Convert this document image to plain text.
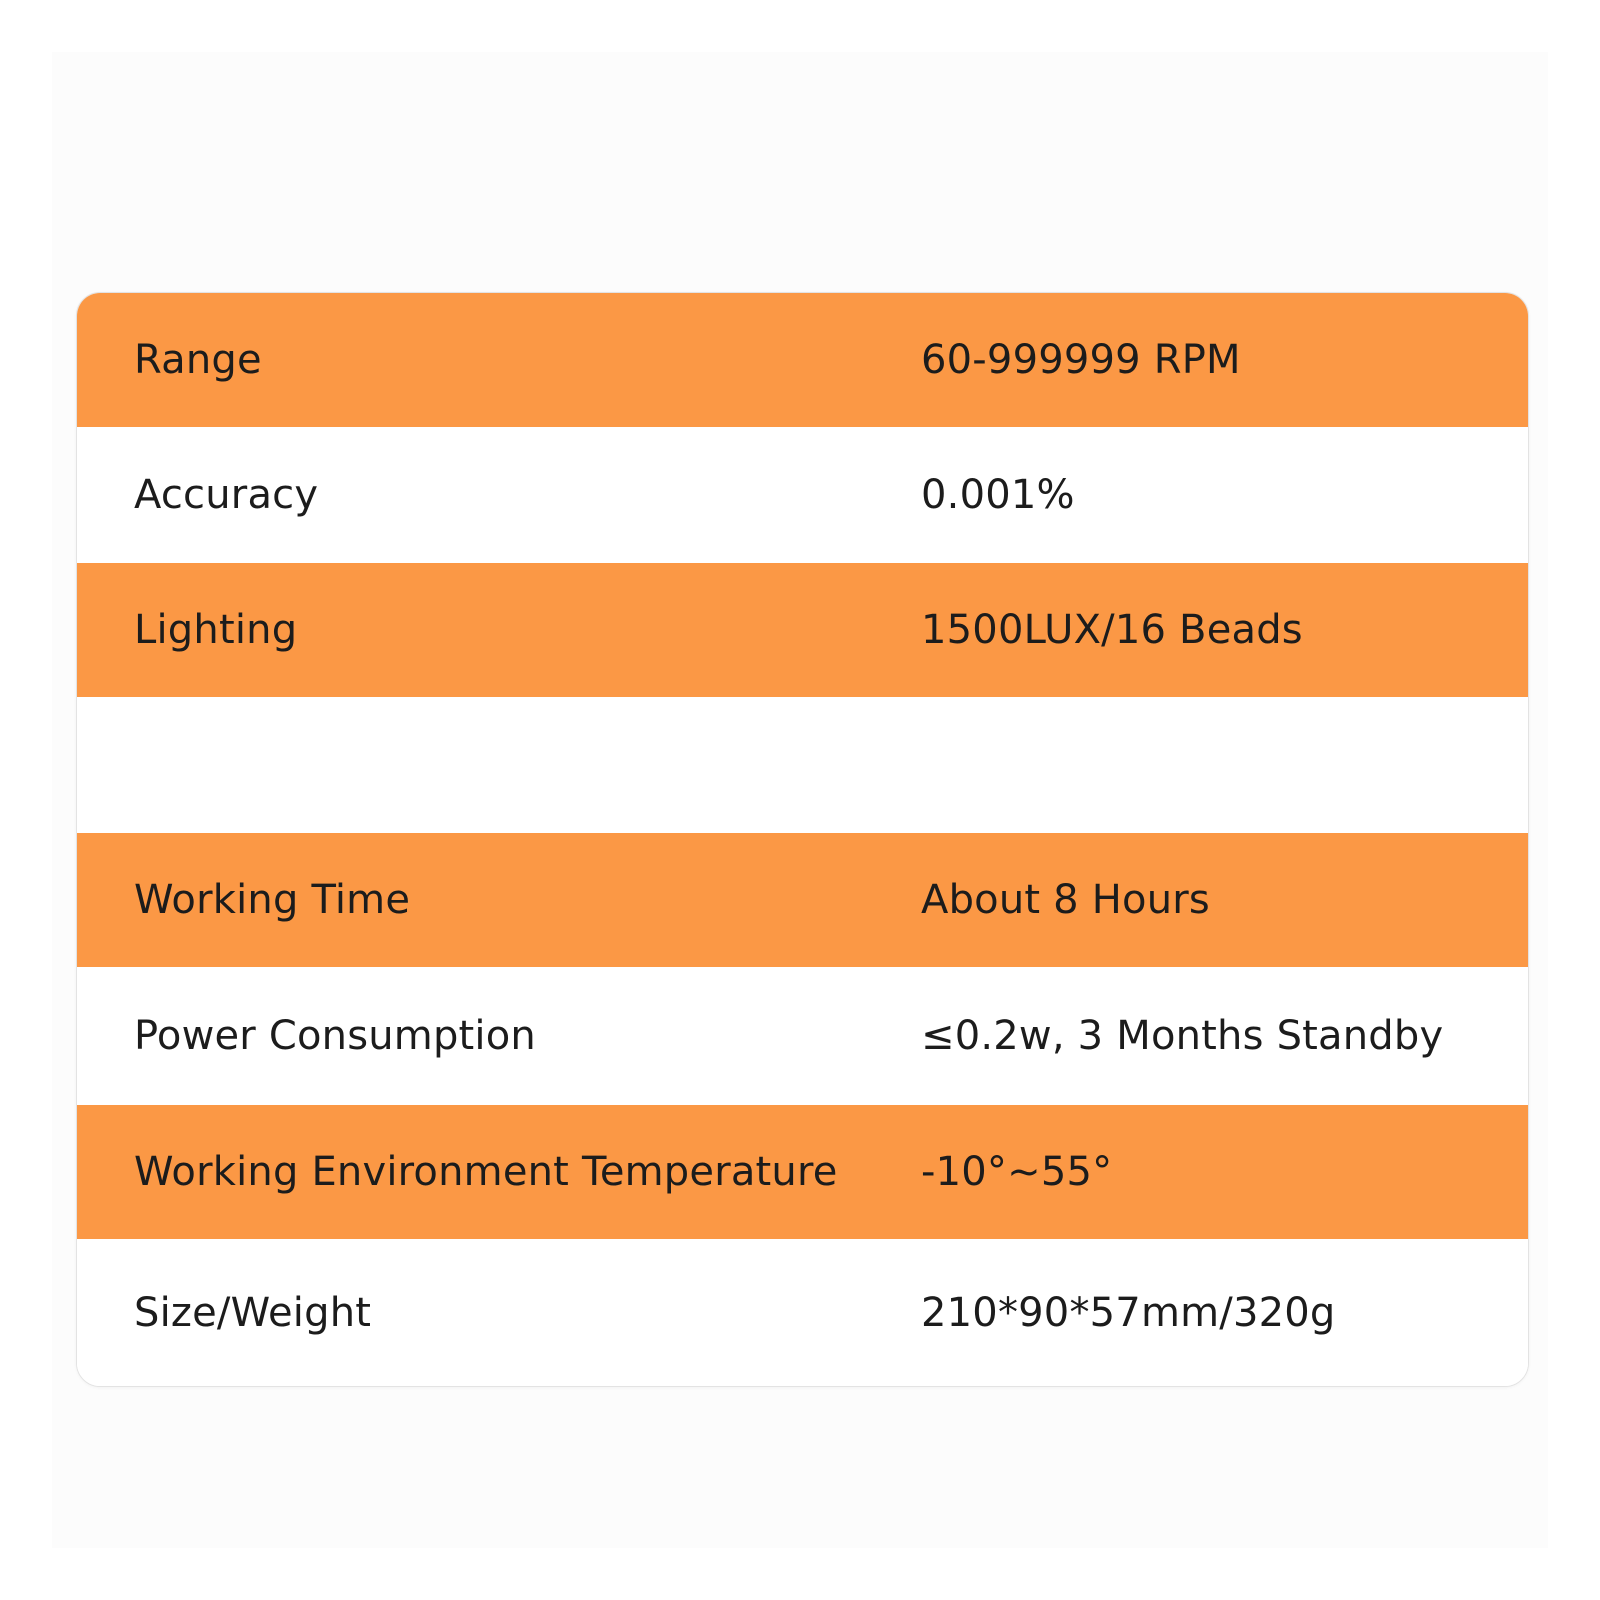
Range	60-999999 RPM
Accuracy	0.001%
Lighting	1500LUX/16 Beads
Working Time	About 8 Hours
Power Consumption	≤0.2w, 3 Months Standby
Working Environment Temperature -10°~55°
Size/Weight	210*90*57mm/320g
